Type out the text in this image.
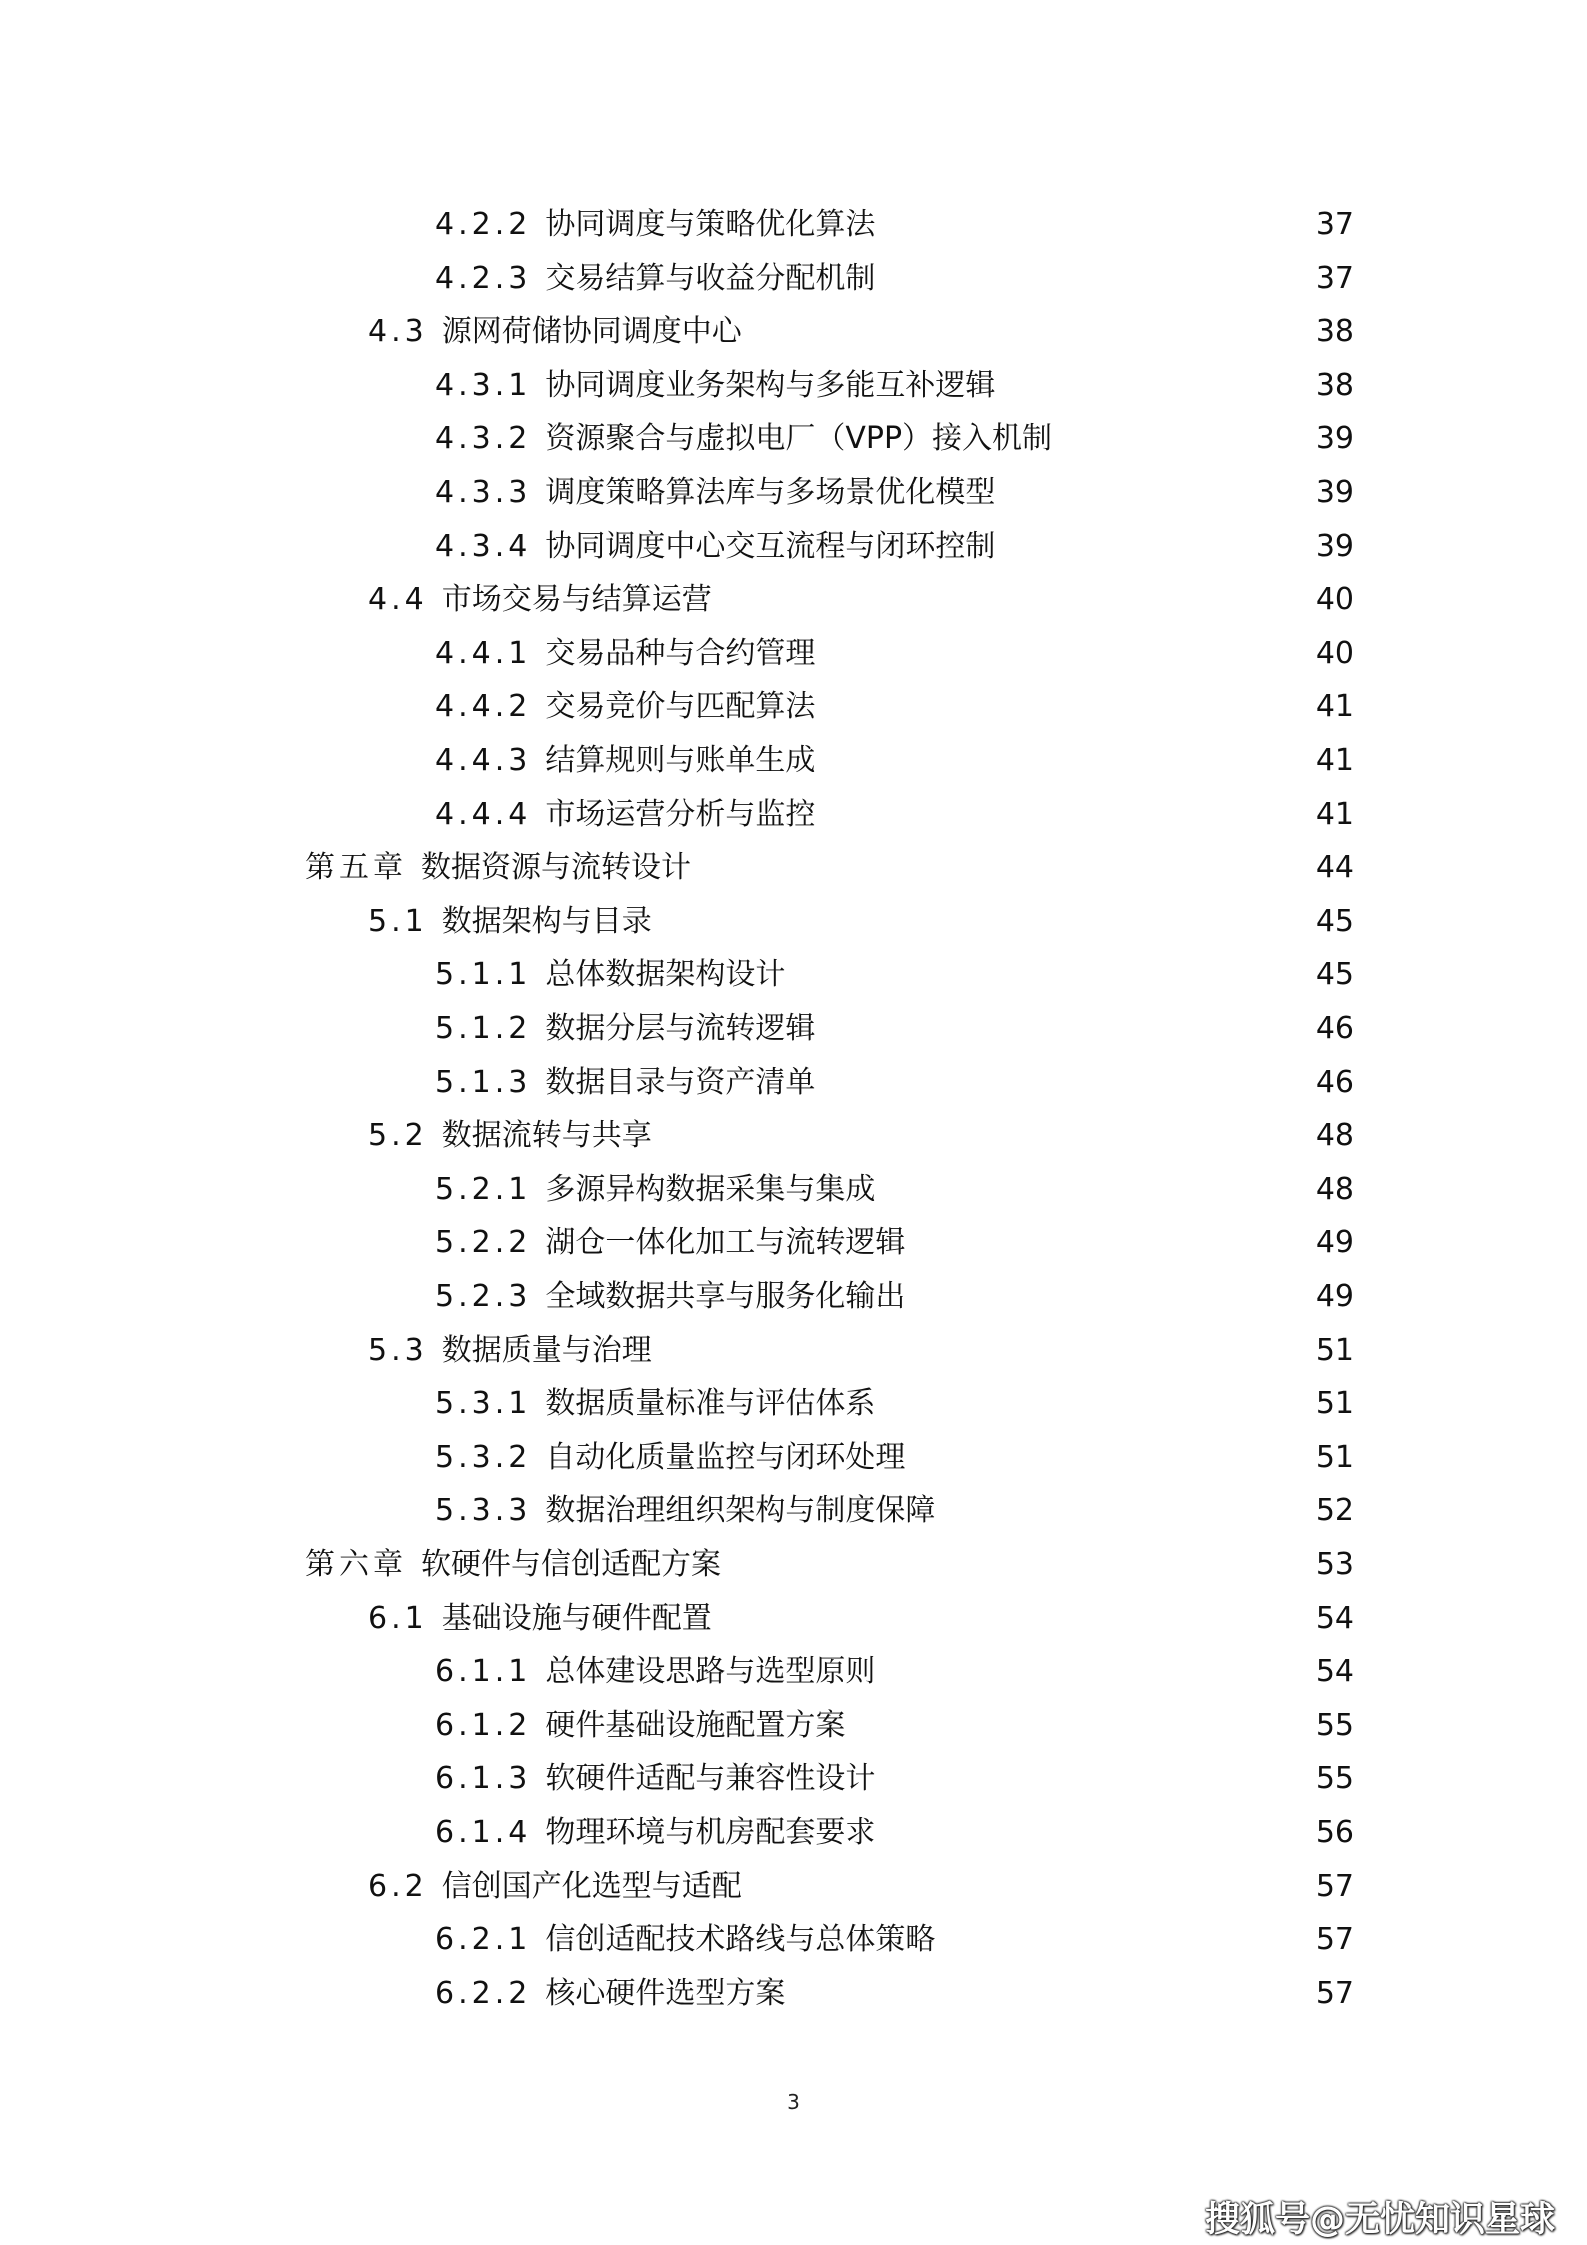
4.2.2 协同调度与策略优化算法	37
4.2.3 交易结算与收益分配机制	37
4.3 源网荷储协同调度中心	38
4.3.1 协同调度业务架构与多能互补逻辑	38
4.3.2 资源聚合与虚拟电厂（VPP）接入机制	39
4.3.3 调度策略算法库与多场景优化模型	39
4.3.4 协同调度中心交互流程与闭环控制	39
4.4 市场交易与结算运营	40
4.4.1 交易品种与合约管理	40
4.4.2 交易竞价与匹配算法	41
4.4.3 结算规则与账单生成	41
4.4.4 市场运营分析与监控	41
第五章 数据资源与流转设计	44
5.1 数据架构与目录	45
5.1.1 总体数据架构设计	45
5.1.2 数据分层与流转逻辑	46
5.1.3 数据目录与资产清单	46
5.2 数据流转与共享	48
5.2.1 多源异构数据采集与集成	48
5.2.2 湖仓一体化加工与流转逻辑	49
5.2.3 全域数据共享与服务化输出	49
5.3 数据质量与治理	51
5.3.1 数据质量标准与评估体系	51
5.3.2 自动化质量监控与闭环处理	51
5.3.3 数据治理组织架构与制度保障	52
第六章 软硬件与信创适配方案	53
6.1 基础设施与硬件配置	54
6.1.1 总体建设思路与选型原则	54
6.1.2 硬件基础设施配置方案	55
6.1.3 软硬件适配与兼容性设计	55
6.1.4 物理环境与机房配套要求	56
6.2 信创国产化选型与适配	57
6.2.1 信创适配技术路线与总体策略	57
6.2.2 核心硬件选型方案	57
3
搜狐号@无忧知识星球
